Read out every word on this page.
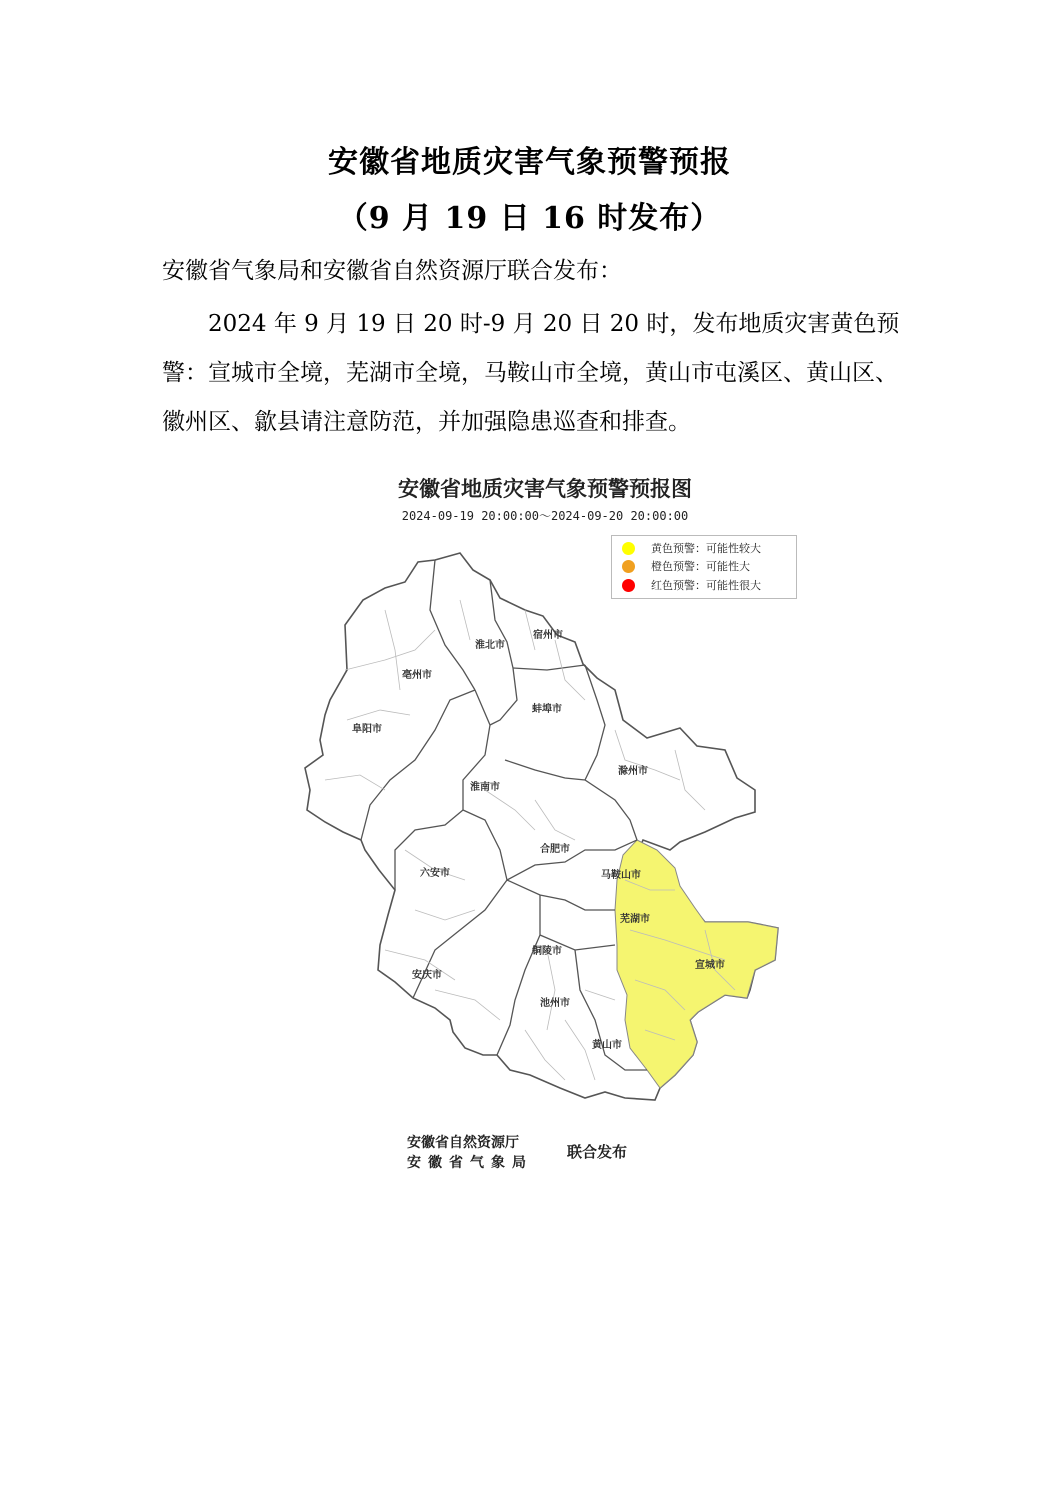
安徽省地质灾害气象预警预报
（9 月 19 日 16 时发布）
安徽省气象局和安徽省自然资源厅联合发布：
2024 年 9 月 19 日 20 时-9 月 20 日 20 时，发布地质灾害黄色预警：宣城市全境，芜湖市全境，马鞍山市全境，黄山市屯溪区、黄山区、徽州区、歙县请注意防范，并加强隐患巡查和排查。
安徽省地质灾害气象预警预报图
2024-09-19 20:00:00～2024-09-20 20:00:00
黄色预警：可能性较大
橙色预警：可能性大
红色预警：可能性很大
宿州市
淮北市
亳州市
蚌埠市
阜阳市
淮南市
滁州市
六安市
合肥市
马鞍山市
芜湖市
铜陵市
宣城市
安庆市
池州市
黄山市
安徽省自然资源厅
安徽省气象局
联合发布
